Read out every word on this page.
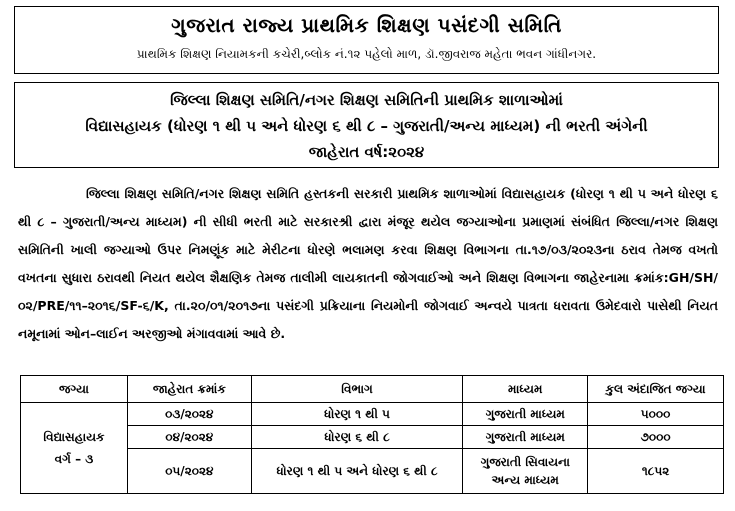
ગુજરાત રાજ્ય પ્રાથમિક શિક્ષણ પસંદગી સમિતિ
પ્રાથમિક શિક્ષણ નિયામકની કચેરી,બ્લોક નં.૧૨ પહેલો માળ, ડૉ.જીવરાજ મહેતા ભવન ગાંધીનગર.
જિલ્લા શિક્ષણ સમિતિ/નગર શિક્ષણ સમિતિની પ્રાથમિક શાળાઓમાં
વિદ્યાસહાયક (ધોરણ ૧ થી ૫ અને ધોરણ ૬ થી ૮ – ગુજરાતી/અન્ય માધ્યમ) ની ભરતી અંગેની
જાહેરાત વર્ષ:૨૦૨૪
જિલ્લા શિક્ષણ સમિતિ/નગર શિક્ષણ સમિતિ હસ્તકની સરકારી પ્રાથમિક શાળાઓમાં વિદ્યાસહાયક (ધોરણ ૧ થી ૫ અને ધોરણ ૬ થી ૮ – ગુજરાતી/અન્ય માધ્યમ) ની સીધી ભરતી માટે સરકારશ્રી દ્વારા મંજૂર થયેલ જગ્યાઓના પ્રમાણમાં સંબંધિત જિલ્લા/નગર શિક્ષણ સમિતિની ખાલી જગ્યાઓ ઉપર નિમણૂંક માટે મેરીટના ધોરણે ભલામણ કરવા શિક્ષણ વિભાગના તા.૧૭/૦૩/૨૦૨૩ના ઠરાવ તેમજ વખતો વખતના સુધારા ઠરાવથી નિયત થયેલ શૈક્ષણિક તેમજ તાલીમી લાયકાતની જોગવાઈઓ અને શિક્ષણ વિભાગના જાહેરનામા ક્રમાંક:GH/SH/૦૨/PRE/૧૧–૨૦૧૬/SF-૬/K, તા.૨૦/૦૧/૨૦૧૭ના પસંદગી પ્રક્રિયાના નિયમોની જોગવાઈ અન્વયે પાત્રતા ધરાવતા ઉમેદવારો પાસેથી નિયત નમૂનામાં ઓન–લાઈન અરજીઓ મંગાવવામાં આવે છે.
જગ્યા	જાહેરાત ક્રમાંક	વિભાગ	માધ્યમ	કુલ અંદાજિત જગ્યા

વિદ્યાસહાયક
વર્ગ – ૩	૦૩/૨૦૨૪	ધોરણ ૧ થી ૫	ગુજરાતી માધ્યમ	૫૦૦૦
	૦૪/૨૦૨૪	ધોરણ ૬ થી ૮	ગુજરાતી માધ્યમ	૭૦૦૦
	૦૫/૨૦૨૪	ધોરણ ૧ થી ૫ અને ધોરણ ૬ થી ૮	ગુજરાતી સિવાયના
અન્ય માધ્યમ	૧૮૫૨
